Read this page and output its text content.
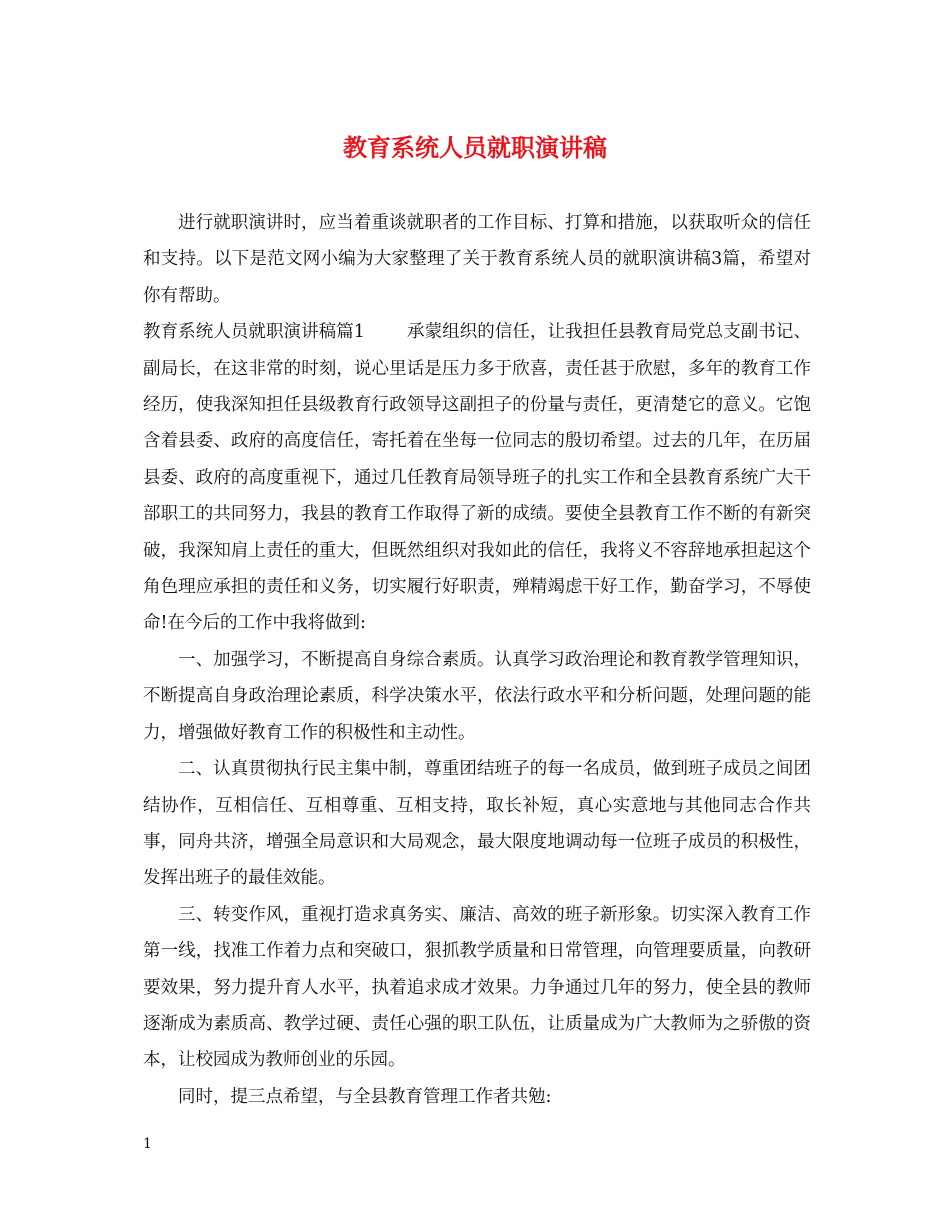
教育系统人员就职演讲稿

进行就职演讲时，应当着重谈就职者的工作目标、打算和措施，以获取听众的信任和支持。以下是范文网小编为大家整理了关于教育系统人员的就职演讲稿3篇，希望对你有帮助。

教育系统人员就职演讲稿篇1 承蒙组织的信任，让我担任县教育局党总支副书记、副局长，在这非常的时刻，说心里话是压力多于欣喜，责任甚于欣慰，多年的教育工作经历，使我深知担任县级教育行政领导这副担子的份量与责任，更清楚它的意义。它饱含着县委、政府的高度信任，寄托着在坐每一位同志的殷切希望。过去的几年，在历届县委、政府的高度重视下，通过几任教育局领导班子的扎实工作和全县教育系统广大干部职工的共同努力，我县的教育工作取得了新的成绩。要使全县教育工作不断的有新突破，我深知肩上责任的重大，但既然组织对我如此的信任，我将义不容辞地承担起这个角色理应承担的责任和义务，切实履行好职责，殚精竭虑干好工作，勤奋学习，不辱使命!在今后的工作中我将做到:

一、加强学习，不断提高自身综合素质。认真学习政治理论和教育教学管理知识，不断提高自身政治理论素质，科学决策水平，依法行政水平和分析问题，处理问题的能力，增强做好教育工作的积极性和主动性。

二、认真贯彻执行民主集中制，尊重团结班子的每一名成员，做到班子成员之间团结协作，互相信任、互相尊重、互相支持，取长补短，真心实意地与其他同志合作共事，同舟共济，增强全局意识和大局观念，最大限度地调动每一位班子成员的积极性，发挥出班子的最佳效能。

三、转变作风，重视打造求真务实、廉洁、高效的班子新形象。切实深入教育工作第一线，找准工作着力点和突破口，狠抓教学质量和日常管理，向管理要质量，向教研要效果，努力提升育人水平，执着追求成才效果。力争通过几年的努力，使全县的教师逐渐成为素质高、教学过硬、责任心强的职工队伍，让质量成为广大教师为之骄傲的资本，让校园成为教师创业的乐园。

同时，提三点希望，与全县教育管理工作者共勉:

1
